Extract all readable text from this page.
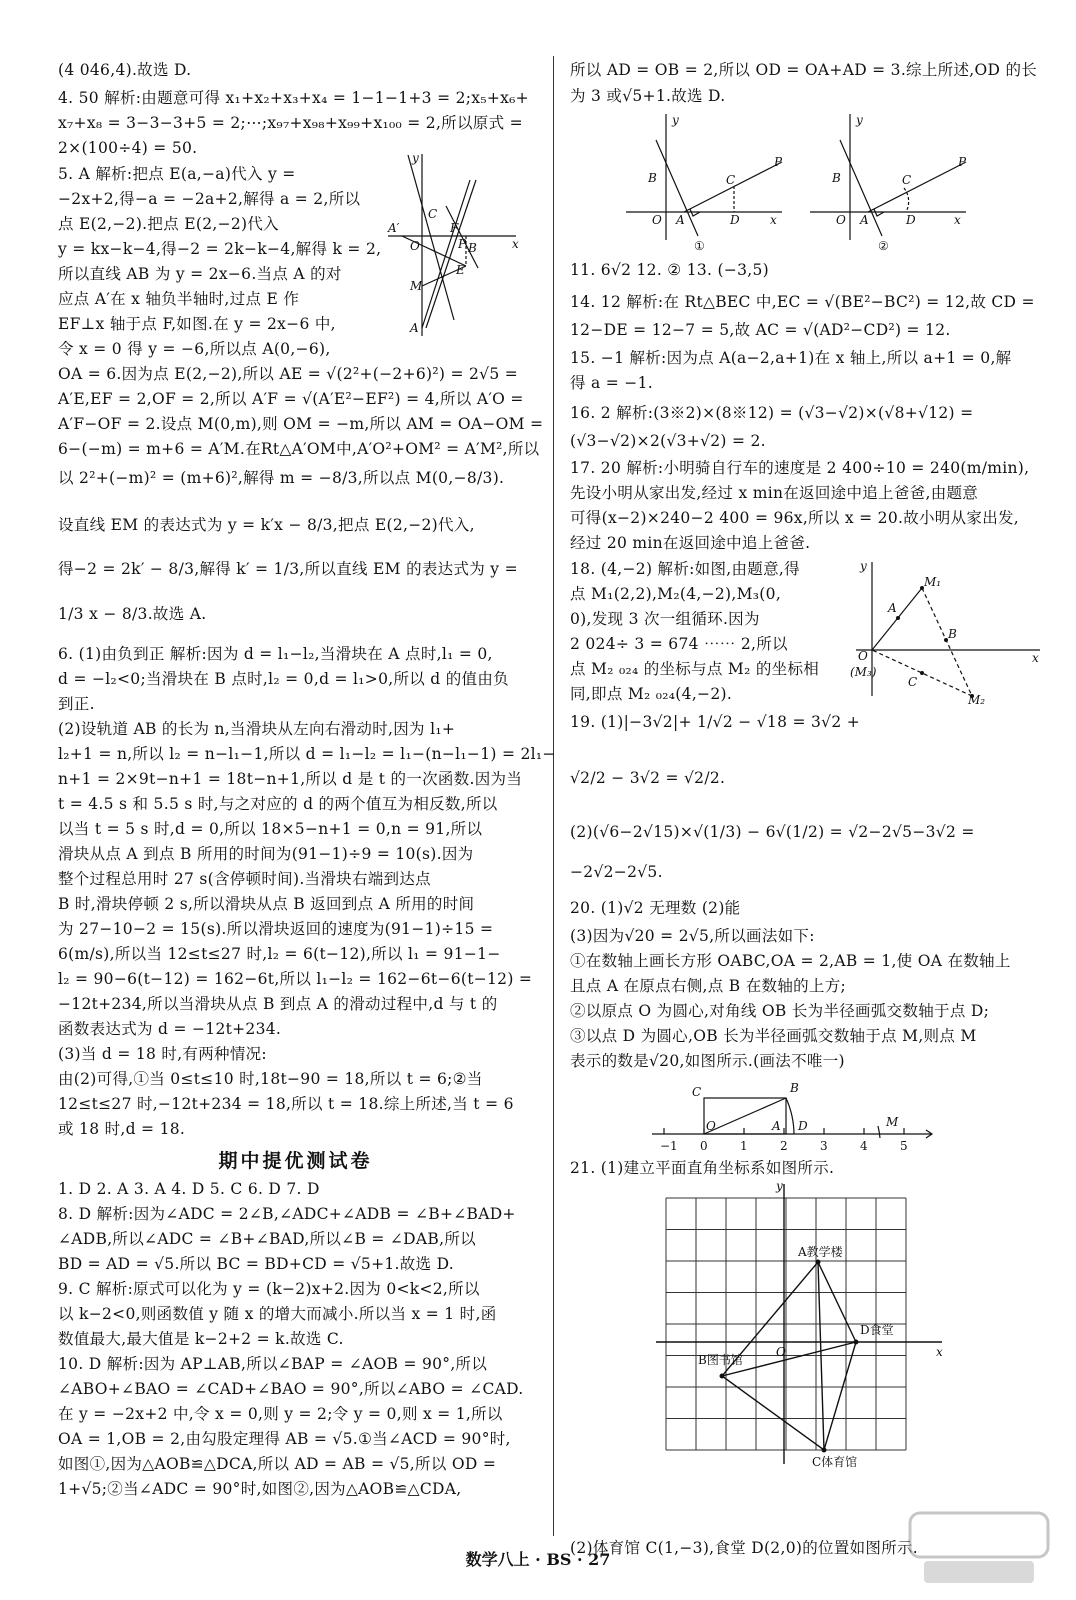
(4 046,4).故选 D.
4. 50 解析:由题意可得 x₁+x₂+x₃+x₄ = 1−1−1+3 = 2;x₅+x₆+
x₇+x₈ = 3−3−3+5 = 2;⋯;x₉₇+x₉₈+x₉₉+x₁₀₀ = 2,所以原式 =
2×(100÷4) = 50.
5. A 解析:把点 E(a,−a)代入 y =
−2x+2,得−a = −2a+2,解得 a = 2,所以
点 E(2,−2).把点 E(2,−2)代入
y = kx−k−4,得−2 = 2k−k−4,解得 k = 2,
所以直线 AB 为 y = 2x−6.当点 A 的对
应点 A′在 x 轴负半轴时,过点 E 作
EF⊥x 轴于点 F,如图.在 y = 2x−6 中,
令 x = 0 得 y = −6,所以点 A(0,−6),
OA = 6.因为点 E(2,−2),所以 AE = √(2²+(−2+6)²) = 2√5 =
A′E,EF = 2,OF = 2,所以 A′F = √(A′E²−EF²) = 4,所以 A′O =
A′F−OF = 2.设点 M(0,m),则 OM = −m,所以 AM = OA−OM =
6−(−m) = m+6 = A′M.在Rt△A′OM中,A′O²+OM² = A′M²,所以
以 2²+(−m)² = (m+6)²,解得 m = −8/3,所以点 M(0,−8/3).
设直线 EM 的表达式为 y = k′x − 8/3,把点 E(2,−2)代入,
得−2 = 2k′ − 8/3,解得 k′ = 1/3,所以直线 EM 的表达式为 y =
1/3 x − 8/3.故选 A.
6. (1)由负到正 解析:因为 d = l₁−l₂,当滑块在 A 点时,l₁ = 0,
d = −l₂<0;当滑块在 B 点时,l₂ = 0,d = l₁>0,所以 d 的值由负
到正.
(2)设轨道 AB 的长为 n,当滑块从左向右滑动时,因为 l₁+
l₂+1 = n,所以 l₂ = n−l₁−1,所以 d = l₁−l₂ = l₁−(n−l₁−1) = 2l₁−
n+1 = 2×9t−n+1 = 18t−n+1,所以 d 是 t 的一次函数.因为当
t = 4.5 s 和 5.5 s 时,与之对应的 d 的两个值互为相反数,所以
以当 t = 5 s 时,d = 0,所以 18×5−n+1 = 0,n = 91,所以
滑块从点 A 到点 B 所用的时间为(91−1)÷9 = 10(s).因为
整个过程总用时 27 s(含停顿时间).当滑块右端到达点
B 时,滑块停顿 2 s,所以滑块从点 B 返回到点 A 所用的时间
为 27−10−2 = 15(s).所以滑块返回的速度为(91−1)÷15 =
6(m/s),所以当 12≤t≤27 时,l₂ = 6(t−12),所以 l₁ = 91−1−
l₂ = 90−6(t−12) = 162−6t,所以 l₁−l₂ = 162−6t−6(t−12) =
−12t+234,所以当滑块从点 B 到点 A 的滑动过程中,d 与 t 的
函数表达式为 d = −12t+234.
(3)当 d = 18 时,有两种情况:
由(2)可得,①当 0≤t≤10 时,18t−90 = 18,所以 t = 6;②当
12≤t≤27 时,−12t+234 = 18,所以 t = 18.综上所述,当 t = 6
或 18 时,d = 18.
1. D 2. A 3. A 4. D 5. C 6. D 7. D
8. D 解析:因为∠ADC = 2∠B,∠ADC+∠ADB = ∠B+∠BAD+
∠ADB,所以∠ADC = ∠B+∠BAD,所以∠B = ∠DAB,所以
BD = AD = √5.所以 BC = BD+CD = √5+1.故选 D.
9. C 解析:原式可以化为 y = (k−2)x+2.因为 0<k<2,所以
以 k−2<0,则函数值 y 随 x 的增大而减小.所以当 x = 1 时,函
数值最大,最大值是 k−2+2 = k.故选 C.
10. D 解析:因为 AP⊥AB,所以∠BAP = ∠AOB = 90°,所以
∠ABO+∠BAO = ∠CAD+∠BAO = 90°,所以∠ABO = ∠CAD.
在 y = −2x+2 中,令 x = 0,则 y = 2;令 y = 0,则 x = 1,所以
OA = 1,OB = 2,由勾股定理得 AB = √5.①当∠ACD = 90°时,
如图①,因为△AOB≌△DCA,所以 AD = AB = √5,所以 OD =
1+√5;②当∠ADC = 90°时,如图②,因为△AOB≌△CDA,
期中提优测试卷
所以 AD = OB = 2,所以 OD = OA+AD = 3.综上所述,OD 的长
为 3 或√5+1.故选 D.
11. 6√2 12. ② 13. (−3,5)
14. 12 解析:在 Rt△BEC 中,EC = √(BE²−BC²) = 12,故 CD =
12−DE = 12−7 = 5,故 AC = √(AD²−CD²) = 12.
15. −1 解析:因为点 A(a−2,a+1)在 x 轴上,所以 a+1 = 0,解
得 a = −1.
16. 2 解析:(3※2)×(8※12) = (√3−√2)×(√8+√12) =
(√3−√2)×2(√3+√2) = 2.
17. 20 解析:小明骑自行车的速度是 2 400÷10 = 240(m/min),
先设小明从家出发,经过 x min在返回途中追上爸爸,由题意
可得(x−2)×240−2 400 = 96x,所以 x = 20.故小明从家出发,
经过 20 min在返回途中追上爸爸.
18. (4,−2) 解析:如图,由题意,得
点 M₁(2,2),M₂(4,−2),M₃(0,
0),发现 3 次一组循环.因为
2 024÷ 3 = 674 ⋯⋯ 2,所以
点 M₂ ₀₂₄ 的坐标与点 M₂ 的坐标相
同,即点 M₂ ₀₂₄(4,−2).
19. (1)|−3√2|+ 1/√2 − √18 = 3√2 +
√2/2 − 3√2 = √2/2.
(2)(√6−2√15)×√(1/3) − 6√(1/2) = √2−2√5−3√2 =
−2√2−2√5.
20. (1)√2 无理数 (2)能
(3)因为√20 = 2√5,所以画法如下:
①在数轴上画长方形 OABC,OA = 2,AB = 1,使 OA 在数轴上
且点 A 在原点右侧,点 B 在数轴的上方;
②以原点 O 为圆心,对角线 OB 长为半径画弧交数轴于点 D;
③以点 D 为圆心,OB 长为半径画弧交数轴于点 M,则点 M
表示的数是√20,如图所示.(画法不唯一)
21. (1)建立平面直角坐标系如图所示.
(2)体育馆 C(1,−3),食堂 D(2,0)的位置如图所示.
y
x
A′
O
C
F
P B
E
M
A
y
x
B	C
P
O A	D
①
y
x
B	C
P
O A	D
②
y
x
M₁
A
B
O
(M₃)
C
M₂
C	B
A D	M
O
−1 0	1	2	3	4	5
y
x
O
A教学楼
B图书馆
C体育馆
D食堂
数学八上 · BS · 27
